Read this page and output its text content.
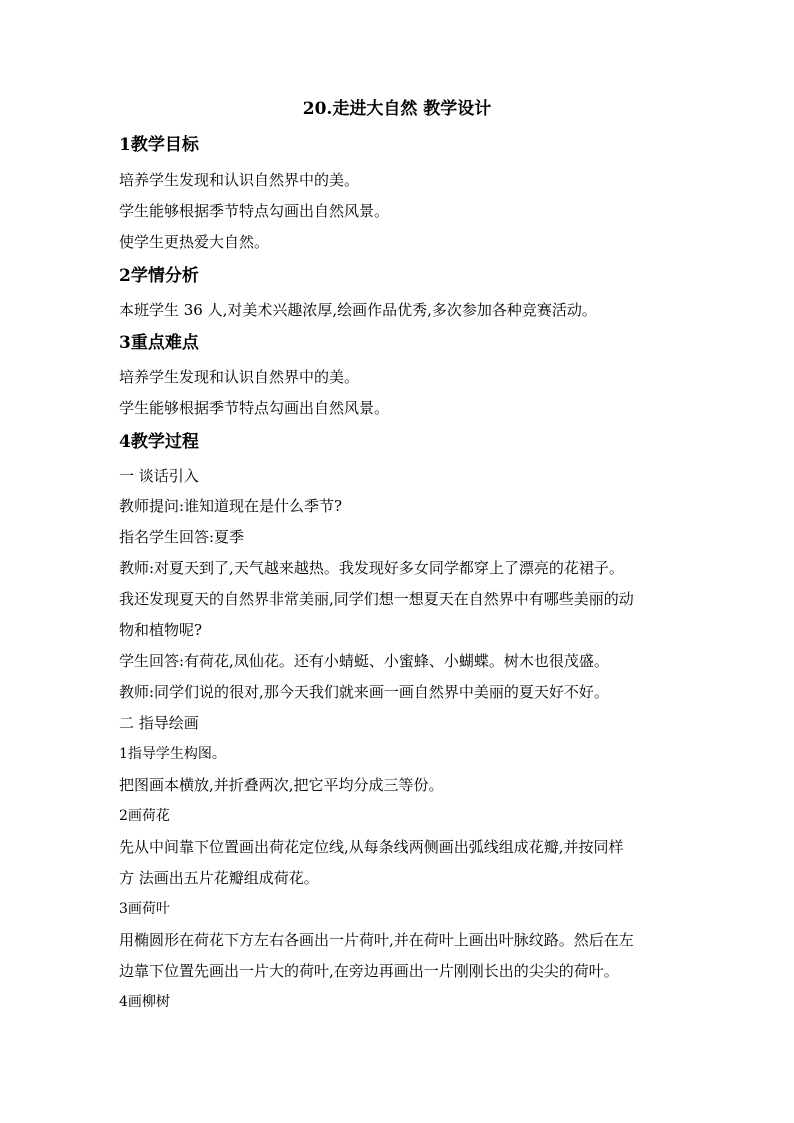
20.走进大自然 教学设计
1教学目标
培养学生发现和认识自然界中的美。
学生能够根据季节特点勾画出自然风景。
使学生更热爱大自然。
2学情分析
本班学生 36 人,对美术兴趣浓厚,绘画作品优秀,多次参加各种竞赛活动。
3重点难点
培养学生发现和认识自然界中的美。
学生能够根据季节特点勾画出自然风景。
4教学过程
一 谈话引入
教师提问:谁知道现在是什么季节?
指名学生回答:夏季
教师:对夏天到了,天气越来越热。我发现好多女同学都穿上了漂亮的花裙子。
我还发现夏天的自然界非常美丽,同学们想一想夏天在自然界中有哪些美丽的动
物和植物呢?
学生回答:有荷花,凤仙花。还有小蜻蜓、小蜜蜂、小蝴蝶。树木也很茂盛。
教师:同学们说的很对,那今天我们就来画一画自然界中美丽的夏天好不好。
二 指导绘画
1指导学生构图。
把图画本横放,并折叠两次,把它平均分成三等份。
2画荷花
先从中间靠下位置画出荷花定位线,从每条线两侧画出弧线组成花瓣,并按同样
方 法画出五片花瓣组成荷花。
3画荷叶
用椭圆形在荷花下方左右各画出一片荷叶,并在荷叶上画出叶脉纹路。然后在左
边靠下位置先画出一片大的荷叶,在旁边再画出一片刚刚长出的尖尖的荷叶。
4画柳树
